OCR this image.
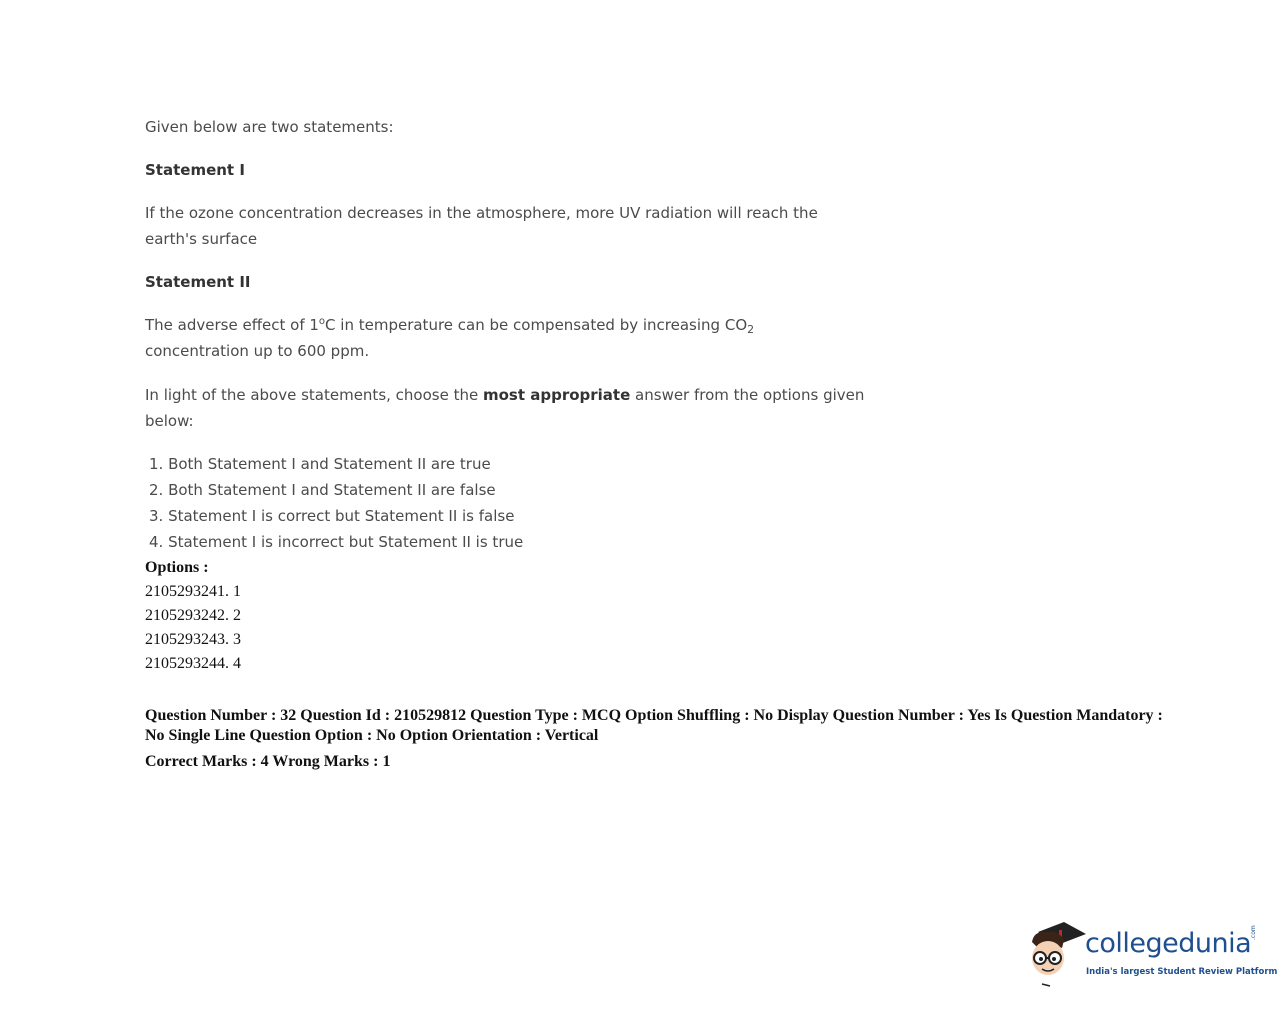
Given below are two statements:
Statement I
If the ozone concentration decreases in the atmosphere, more UV radiation will reach the earth's surface
Statement II
The adverse effect of 1$^o$C in temperature can be compensated by increasing $CO_2$
concentration up to 600 ppm.
In light of the above statements, choose the most appropriate answer from the options given below:
1. Both Statement I and Statement II are true
2. Both Statement I and Statement II are false
3. Statement I is correct but Statement II is false
4. Statement I is incorrect but Statement II is true
Options :
2105293241. 1
2105293242. 2
2105293243. 3
2105293244. 4
Question Number : 32 Question Id : 210529812 Question Type : MCQ Option Shuffling : No Display Question Number : Yes Is Question Mandatory : No Single Line Question Option : No Option Orientation : Vertical
Correct Marks : 4 Wrong Marks : 1
collegedunia
.com
India's largest Student Review Platform
